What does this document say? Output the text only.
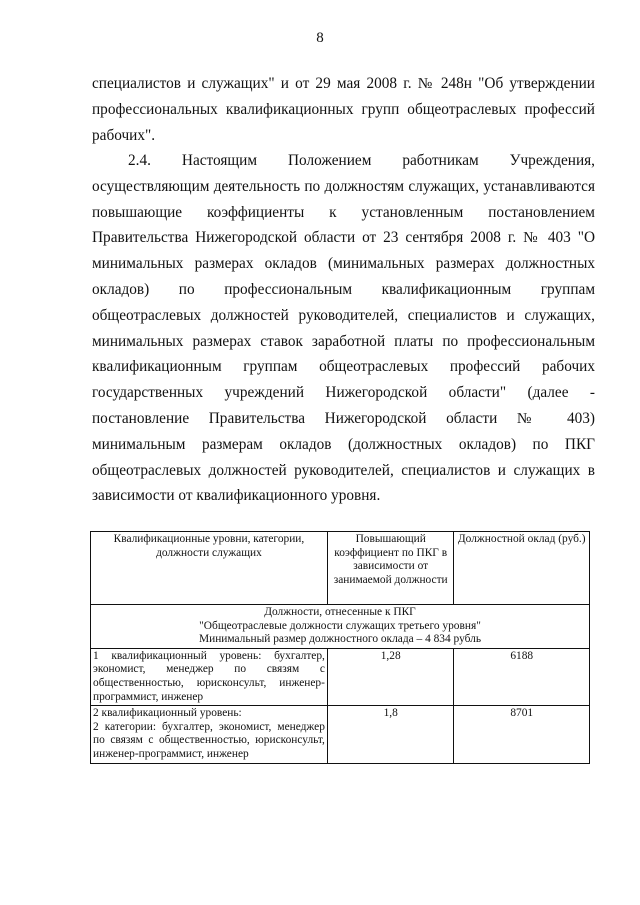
8

специалистов и служащих" и от 29 мая 2008 г. № 248н "Об утверждении профессиональных квалификационных групп общеотраслевых профессий рабочих".

2.4. Настоящим Положением работникам Учреждения, осуществляющим деятельность по должностям служащих, устанавливаются повышающие коэффициенты к установленным постановлением Правительства Нижегородской области от 23 сентября 2008 г. № 403 "О минимальных размерах окладов (минимальных размерах должностных окладов) по профессиональным квалификационным группам общеотраслевых должностей руководителей, специалистов и служащих, минимальных размерах ставок заработной платы по профессиональным квалификационным группам общеотраслевых профессий рабочих государственных учреждений Нижегородской области" (далее - постановление Правительства Нижегородской области № 403) минимальным размерам окладов (должностных окладов) по ПКГ общеотраслевых должностей руководителей, специалистов и служащих в зависимости от квалификационного уровня.

Квалификационные уровни, категории, должности служащих	Повышающий коэффициент по ПКГ в зависимости от занимаемой должности	Должностной оклад (руб.)

Должности, отнесенные к ПКГ
"Общеотраслевые должности служащих третьего уровня"
Минимальный размер должностного оклада – 4 834 рубль		

1 квалификационный уровень: бухгалтер, экономист, менеджер по связям с общественностью, юрисконсульт, инженер-программист, инженер	1,28	6188

2 квалификационный уровень:
2 категории: бухгалтер, экономист, менеджер по связям с общественностью, юрисконсульт, инженер-программист, инженер	1,8	8701
